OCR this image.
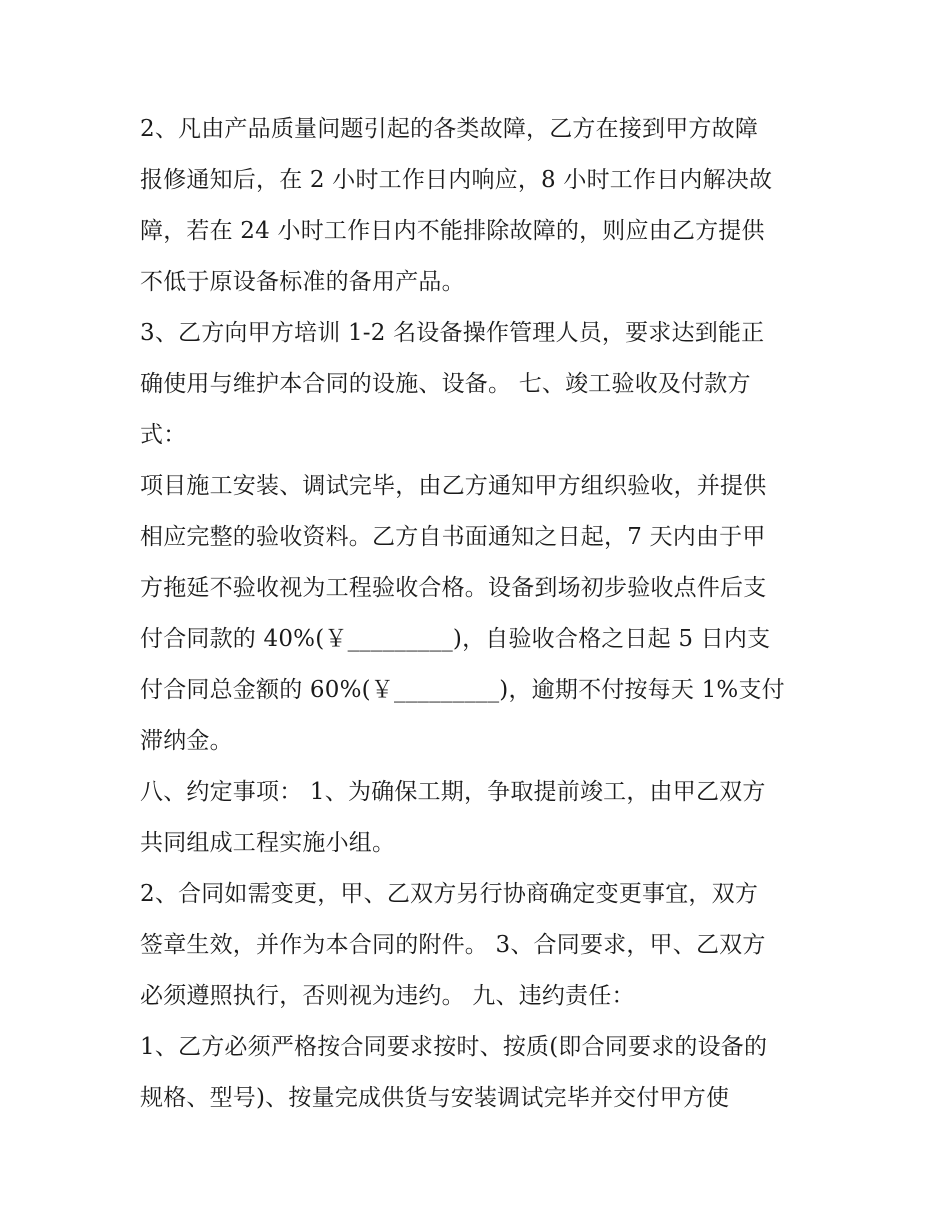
2、凡由产品质量问题引起的各类故障，乙方在接到甲方故障
报修通知后，在 2 小时工作日内响应，8 小时工作日内解决故
障，若在 24 小时工作日内不能排除故障的，则应由乙方提供
不低于原设备标准的备用产品。
3、乙方向甲方培训 1-2 名设备操作管理人员，要求达到能正
确使用与维护本合同的设施、设备。 七、竣工验收及付款方
式：
项目施工安装、调试完毕，由乙方通知甲方组织验收，并提供
相应完整的验收资料。乙方自书面通知之日起，7 天内由于甲
方拖延不验收视为工程验收合格。设备到场初步验收点件后支
付合同款的 40%(￥_________)，自验收合格之日起 5 日内支
付合同总金额的 60%(￥_________)，逾期不付按每天 1%支付
滞纳金。
八、约定事项： 1、为确保工期，争取提前竣工，由甲乙双方
共同组成工程实施小组。
2、合同如需变更，甲、乙双方另行协商确定变更事宜，双方
签章生效，并作为本合同的附件。 3、合同要求，甲、乙双方
必须遵照执行，否则视为违约。 九、违约责任：
1、乙方必须严格按合同要求按时、按质(即合同要求的设备的
规格、型号)、按量完成供货与安装调试完毕并交付甲方使
